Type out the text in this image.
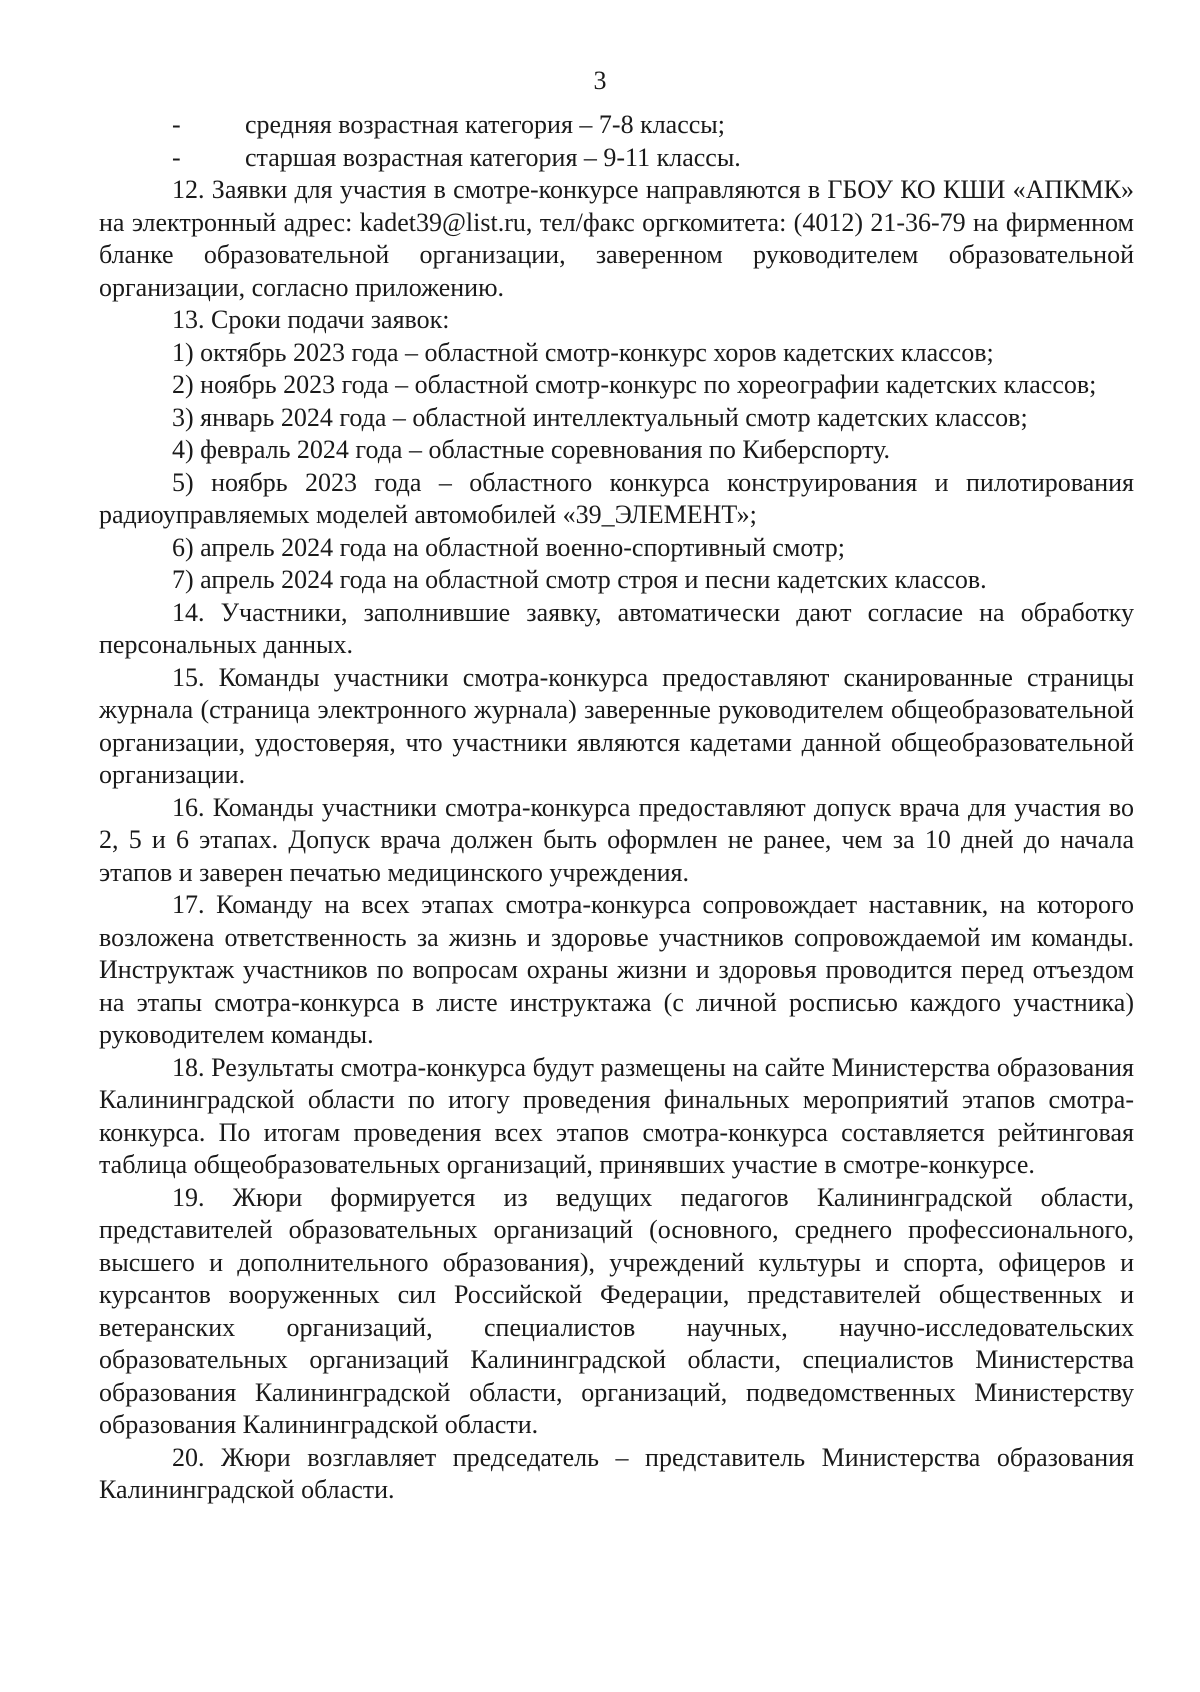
3

- средняя возрастная категория – 7-8 классы;

- старшая возрастная категория – 9-11 классы.

12. Заявки для участия в смотре-конкурсе направляются в ГБОУ КО КШИ «АПКМК» на электронный адрес: kadet39@list.ru, тел/факс оргкомитета: (4012) 21-36-79 на фирменном бланке образовательной организации, заверенном руководителем образовательной организации, согласно приложению.

13. Сроки подачи заявок:

1) октябрь 2023 года – областной смотр-конкурс хоров кадетских классов;

2) ноябрь 2023 года – областной смотр-конкурс по хореографии кадетских классов;

3) январь 2024 года – областной интеллектуальный смотр кадетских классов;

4) февраль 2024 года – областные соревнования по Киберспорту.

5) ноябрь 2023 года – областного конкурса конструирования и пилотирования радиоуправляемых моделей автомобилей «39_ЭЛЕМЕНТ»;

6) апрель 2024 года на областной военно-спортивный смотр;

7) апрель 2024 года на областной смотр строя и песни кадетских классов.

14. Участники, заполнившие заявку, автоматически дают согласие на обработку персональных данных.

15. Команды участники смотра-конкурса предоставляют сканированные страницы журнала (страница электронного журнала) заверенные руководителем общеобразовательной организации, удостоверяя, что участники являются кадетами данной общеобразовательной организации.

16. Команды участники смотра-конкурса предоставляют допуск врача для участия во 2, 5 и 6 этапах. Допуск врача должен быть оформлен не ранее, чем за 10 дней до начала этапов и заверен печатью медицинского учреждения.

17. Команду на всех этапах смотра-конкурса сопровождает наставник, на которого возложена ответственность за жизнь и здоровье участников сопровождаемой им команды. Инструктаж участников по вопросам охраны жизни и здоровья проводится перед отъездом на этапы смотра-конкурса в листе инструктажа (с личной росписью каждого участника) руководителем команды.

18. Результаты смотра-конкурса будут размещены на сайте Министерства образования Калининградской области по итогу проведения финальных мероприятий этапов смотра-конкурса. По итогам проведения всех этапов смотра-конкурса составляется рейтинговая таблица общеобразовательных организаций, принявших участие в смотре-конкурсе.

19. Жюри формируется из ведущих педагогов Калининградской области, представителей образовательных организаций (основного, среднего профессионального, высшего и дополнительного образования), учреждений культуры и спорта, офицеров и курсантов вооруженных сил Российской Федерации, представителей общественных и ветеранских организаций, специалистов научных, научно-исследовательских образовательных организаций Калининградской области, специалистов Министерства образования Калининградской области, организаций, подведомственных Министерству образования Калининградской области.

20. Жюри возглавляет председатель – представитель Министерства образования Калининградской области.
